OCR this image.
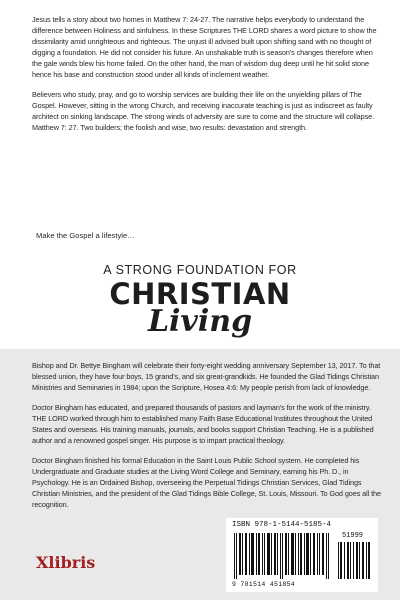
Jesus tells a story about two homes in Matthew 7: 24-27. The narrative helps everybody to understand the difference between Holiness and sinfulness. In these Scriptures THE LORD shares a word picture to show the dissimilarity amid unrighteous and righteous. The unjust ill advised built upon shifting sand with no thought of digging a foundation. He did not consider his future. An unshakable truth is season's changes therefore when the gale winds blew his home failed. On the other hand, the man of wisdom dug deep until he hit solid stone hence his base and construction stood under all kinds of inclement weather.

Believers who study, pray, and go to worship services are building their life on the unyielding pillars of The Gospel. However, sitting in the wrong Church, and receiving inaccurate teaching is just as indiscreet as faulty architect on sinking landscape. The strong winds of adversity are sure to come and the structure will collapse. Matthew 7: 27. Two builders; the foolish and wise, two results: devastation and strength.

Make the Gospel a lifestyle…
A STRONG FOUNDATION FOR
CHRISTIAN
Living

Bishop and Dr. Bettye Bingham will celebrate their forty-eight wedding anniversary September 13, 2017. To that blessed union, they have four boys, 15 grand's, and six great-grandkids. He founded the Glad Tidings Christian Ministries and Seminaries in 1984; upon the Scripture, Hosea 4:6: My people perish from lack of knowledge.

Doctor Bingham has educated, and prepared thousands of pastors and layman's for the work of the ministry. THE LORD worked through him to established many Faith Base Educational Institutes throughout the United States and overseas. His training manuals, journals, and books support Christian Teaching. He is a published author and a renowned gospel singer. His purpose is to impart practical theology.

Doctor Bingham finished his formal Education in the Saint Louis Public School system. He completed his Undergraduate and Graduate studies at the Living Word College and Seminary, earning his Ph. D., in Psychology. He is an Ordained Bishop, overseeing the Perpetual Tidings Christian Services, Glad Tidings Christian Ministries, and the president of the Glad Tidings Bible College, St. Louis, Missouri. To God goes all the recognition.

Xlibris
ISBN 978-1-5144-5185-4
51999
9 781514 451854
